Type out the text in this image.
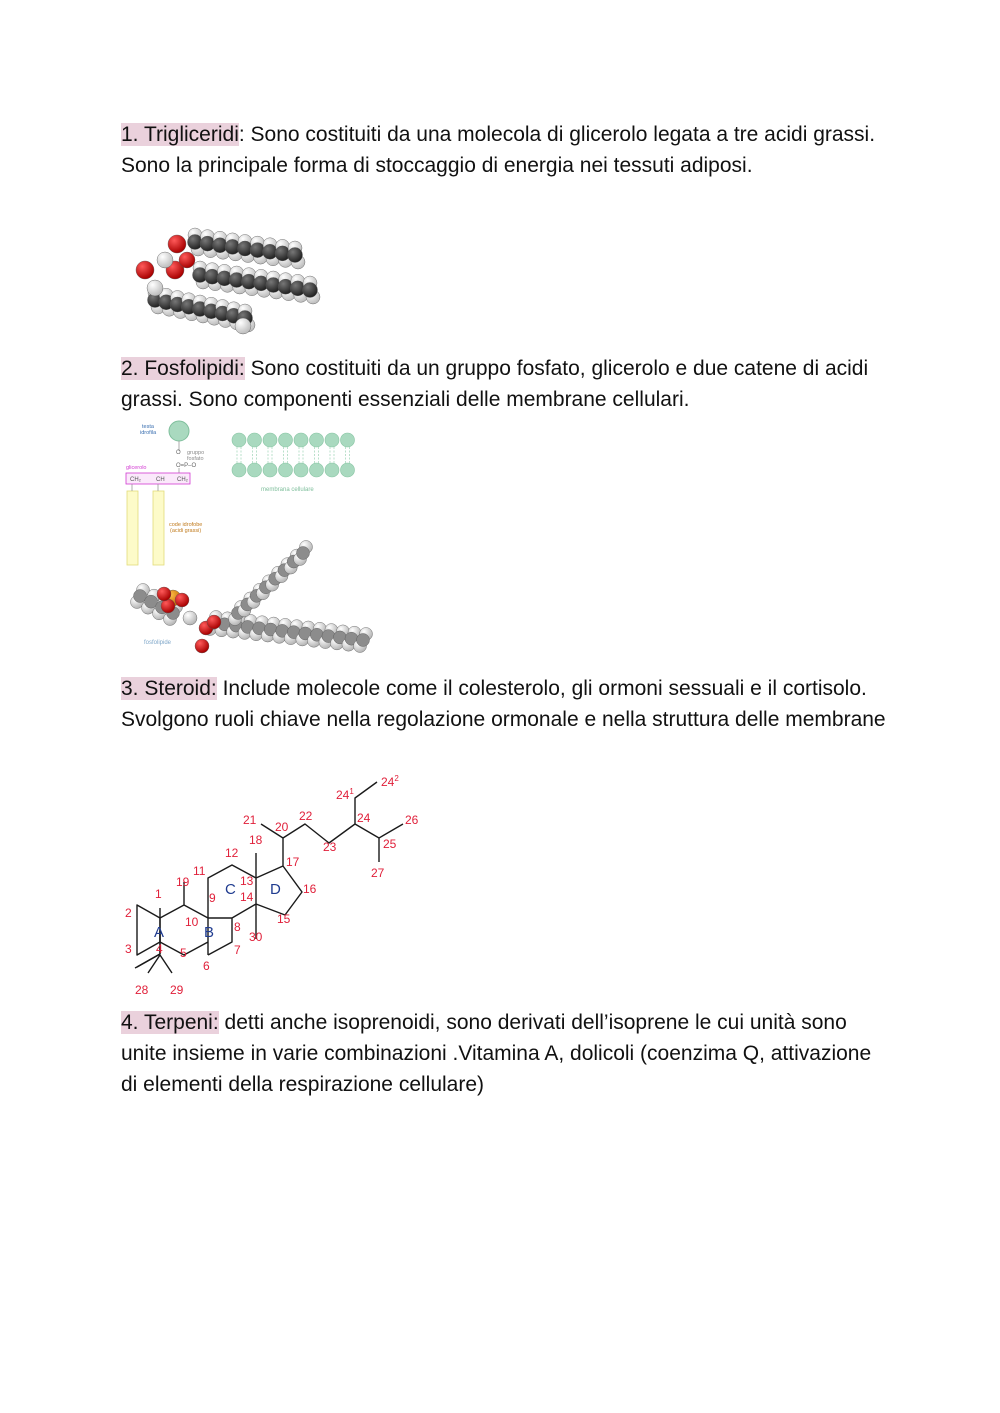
1. Trigliceridi: Sono costituiti da una molecola di glicerolo legata a tre acidi grassi. Sono la principale forma di stoccaggio di energia nei tessuti adiposi.

2. Fosfolipidi: Sono costituiti da un gruppo fosfato, glicerolo e due catene di acidi grassi. Sono componenti essenziali delle membrane cellulari.

testa
idrofila
O
O=P–O
gruppo
fosfato
glicerolo
CH₂	CH CH₂
code idrofobe
(acidi grassi)
membrana cellulare
fosfolipide

3. Steroid: Include molecole come il colesterolo, gli ormoni sessuali e il cortisolo. Svolgono ruoli chiave nella regolazione ormonale e nella struttura delle membrane

1
2
3 4 5
6
7
8
9
10
11
12
13
14
15
16
17
18
19
20
21	22
23
24
25
26
27
28 29
30
A	B
C D
$24^1$
$24^2$

4. Terpeni: detti anche isoprenoidi, sono derivati dell’isoprene le cui unità sono unite insieme in varie combinazioni .Vitamina A, dolicoli (coenzima Q, attivazione di elementi della respirazione cellulare)
